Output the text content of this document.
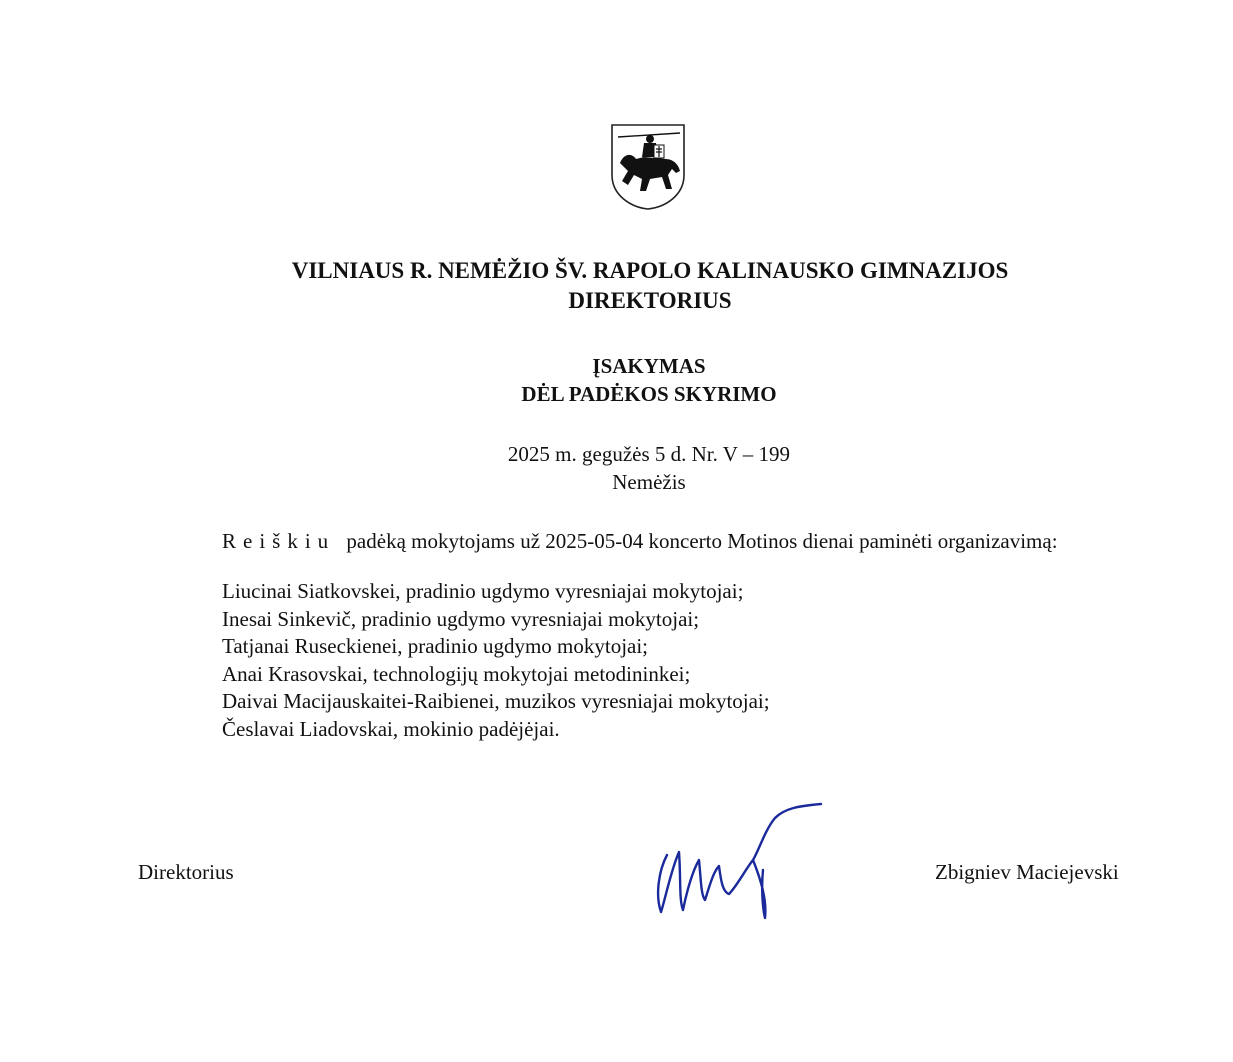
VILNIAUS R. NEMĖŽIO ŠV. RAPOLO KALINAUSKO GIMNAZIJOS
DIREKTORIUS
ĮSAKYMAS
DĖL PADĖKOS SKYRIMO
2025 m. gegužės 5 d. Nr. V – 199
Nemėžis
Reiškiu padėką mokytojams už 2025-05-04 koncerto Motinos dienai paminėti organizavimą:
Liucinai Siatkovskei, pradinio ugdymo vyresniajai mokytojai;
Inesai Sinkevič, pradinio ugdymo vyresniajai mokytojai;
Tatjanai Ruseckienei, pradinio ugdymo mokytojai;
Anai Krasovskai, technologijų mokytojai metodininkei;
Daivai Macijauskaitei-Raibienei, muzikos vyresniajai mokytojai;
Česlavai Liadovskai, mokinio padėjėjai.
Direktorius	Zbigniev Maciejevski
